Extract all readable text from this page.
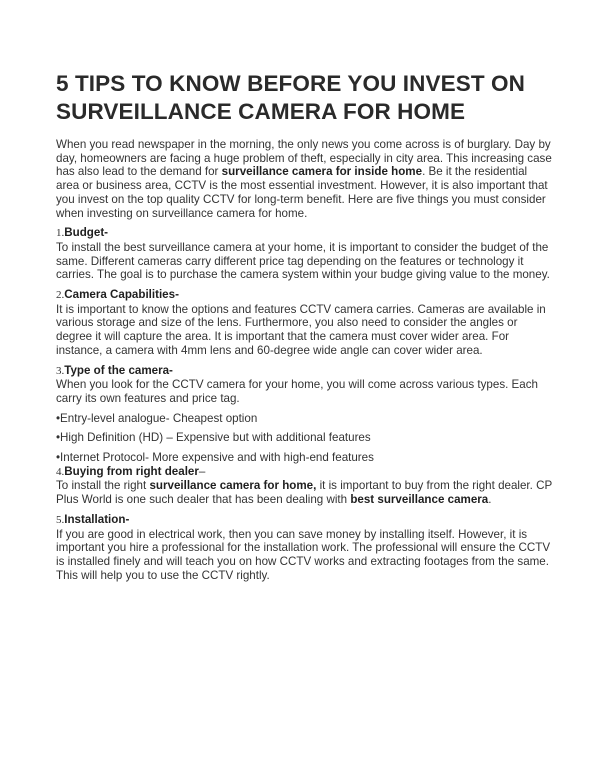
5 TIPS TO KNOW BEFORE YOU INVEST ON
SURVEILLANCE CAMERA FOR HOME

When you read newspaper in the morning, the only news you come across is of burglary. Day by day, homeowners are facing a huge problem of theft, especially in city area. This increasing case has also lead to the demand for surveillance camera for inside home. Be it the residential area or business area, CCTV is the most essential investment. However, it is also important that you invest on the top quality CCTV for long-term benefit. Here are five things you must consider when investing on surveillance camera for home.

1.Budget-

To install the best surveillance camera at your home, it is important to consider the budget of the same. Different cameras carry different price tag depending on the features or technology it carries. The goal is to purchase the camera system within your budge giving value to the money.

2.Camera Capabilities-

It is important to know the options and features CCTV camera carries. Cameras are available in various storage and size of the lens. Furthermore, you also need to consider the angles or degree it will capture the area. It is important that the camera must cover wider area. For instance, a camera with 4mm lens and 60-degree wide angle can cover wider area.

3.Type of the camera-

When you look for the CCTV camera for your home, you will come across various types. Each carry its own features and price tag.

•Entry-level analogue- Cheapest option

•High Definition (HD) – Expensive but with additional features

•Internet Protocol- More expensive and with high-end features

4.Buying from right dealer–

To install the right surveillance camera for home, it is important to buy from the right dealer. CP Plus World is one such dealer that has been dealing with best surveillance camera.

5.Installation-

If you are good in electrical work, then you can save money by installing itself. However, it is important you hire a professional for the installation work. The professional will ensure the CCTV is installed finely and will teach you on how CCTV works and extracting footages from the same. This will help you to use the CCTV rightly.
